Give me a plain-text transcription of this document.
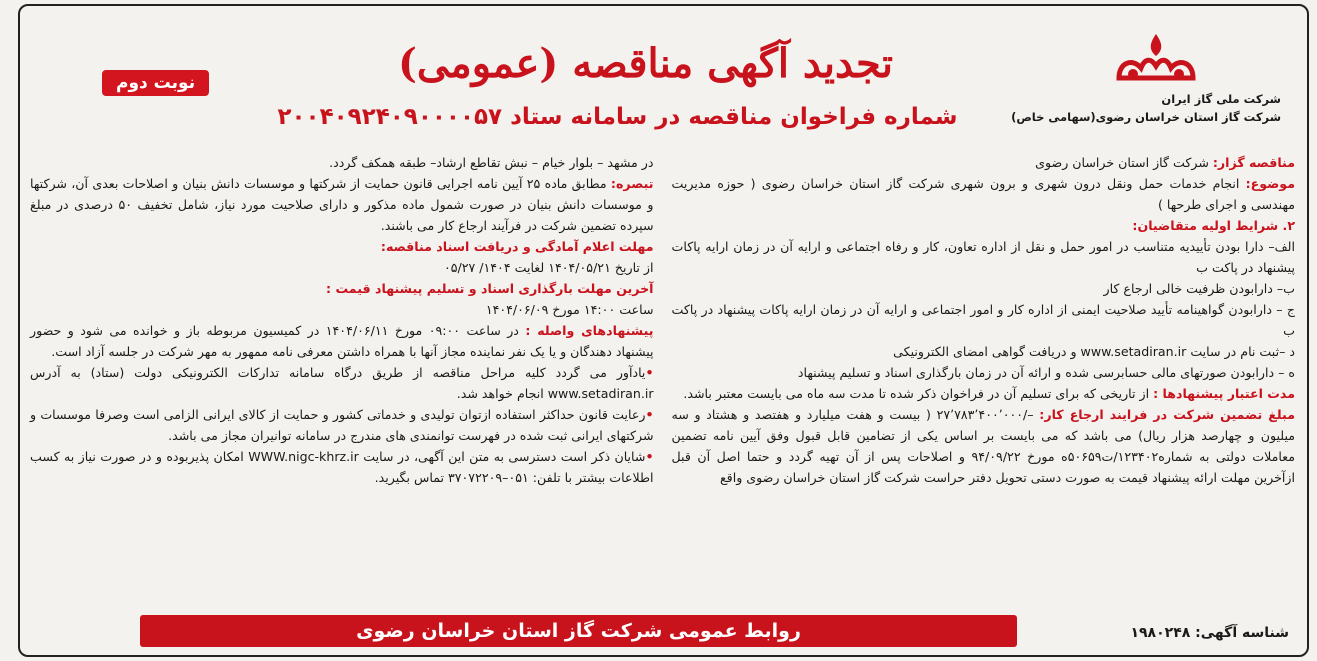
شرکت ملی گاز ایران
شرکت گاز استان خراسان رضوی(سهامی خاص)
تجدید آگهی مناقصه (عمومی)
شماره فراخوان مناقصه در سامانه ستاد ۲۰۰۴۰۹۲۴۰۹۰۰۰۰۵۷
نوبت دوم

مناقصه گزار: شرکت گاز استان خراسان رضوی

موضوع: انجام خدمات حمل ونقل درون شهری و برون شهری شرکت گاز استان خراسان رضوی ( حوزه مدیریت مهندسی و اجرای طرحها )

۲. شرایط اولیه متقاضیان:

الف– دارا بودن تأییدیه متناسب در امور حمل و نقل از اداره تعاون، کار و رفاه اجتماعی و ارایه آن در زمان ارایه پاکات پیشنهاد در پاکت ب

ب– دارابودن ظرفیت خالی ارجاع کار

ج – دارابودن گواهینامه تأیید صلاحیت ایمنی از اداره کار و امور اجتماعی و ارایه آن در زمان ارایه پاکات پیشنهاد در پاکت ب

د –ثبت نام در سایت www.setadiran.ir و دریافت گواهی امضای الکترونیکی

ه – دارابودن صورتهای مالی حسابرسی شده و ارائه آن در زمان بارگذاری اسناد و تسلیم پیشنهاد

مدت اعتبار پیشنهادها : از تاریخی که برای تسلیم آن در فراخوان ذکر شده تا مدت سه ماه می بایست معتبر باشد.

مبلغ تضمین شرکت در فرایند ارجاع کار: –/۲۷٬۷۸۳٬۴۰۰٬۰۰۰ ( بیست و هفت میلیارد و هفتصد و هشتاد و سه میلیون و چهارصد هزار ریال) می باشد که می بایست بر اساس یکی از تضامین قابل قبول وفق آیین نامه تضمین معاملات دولتی به شماره۱۲۳۴۰۲/ت۵۰۶۵۹ه مورخ ۹۴/۰۹/۲۲ و اصلاحات پس از آن تهیه گردد و حتما اصل آن قبل ازآخرین مهلت ارائه پیشنهاد قیمت به صورت دستی تحویل دفتر حراست شرکت گاز استان خراسان رضوی واقع

در مشهد – بلوار خیام – نبش تقاطع ارشاد– طبقه همکف گردد.

تبصره: مطابق ماده ۲۵ آیین نامه اجرایی قانون حمایت از شرکتها و موسسات دانش بنیان و اصلاحات بعدی آن، شرکتها و موسسات دانش بنیان در صورت شمول ماده مذکور و دارای صلاحیت مورد نیاز، شامل تخفیف ۵۰ درصدی در مبلغ سپرده تضمین شرکت در فرآیند ارجاع کار می باشند.

مهلت اعلام آمادگی و دریافت اسناد مناقصه:

از تاریخ ۱۴۰۴/۰۵/۲۱ لغایت ۱۴۰۴/ ۰۵/۲۷

آخرین مهلت بارگذاری اسناد و تسلیم پیشنهاد قیمت :

ساعت ۱۴:۰۰ مورخ ۱۴۰۴/۰۶/۰۹

پیشنهادهای واصله : در ساعت ۰۹:۰۰ مورخ ۱۴۰۴/۰۶/۱۱ در کمیسیون مربوطه باز و خوانده می شود و حضور پیشنهاد دهندگان و یا یک نفر نماینده مجاز آنها با همراه داشتن معرفی نامه ممهور به مهر شرکت در جلسه آزاد است.

•یادآور می گردد کلیه مراحل مناقصه از طریق درگاه سامانه تدارکات الکترونیکی دولت (ستاد) به آدرس www.setadiran.ir انجام خواهد شد.

•رعایت قانون حداکثر استفاده ازتوان تولیدی و خدماتی کشور و حمایت از کالای ایرانی الزامی است وصرفا موسسات و شرکتهای ایرانی ثبت شده در فهرست توانمندی های مندرج در سامانه توانیران مجاز می باشد.

•شایان ذکر است دسترسی به متن این آگهی، در سایت WWW.nigc-khrz.ir امکان پذیربوده و در صورت نیاز به کسب اطلاعات بیشتر با تلفن: ۰۵۱–۳۷۰۷۲۲۰۹ تماس بگیرید.

شناسه آگهی: ۱۹۸۰۲۴۸
روابط عمومی شرکت گاز استان خراسان رضوی
